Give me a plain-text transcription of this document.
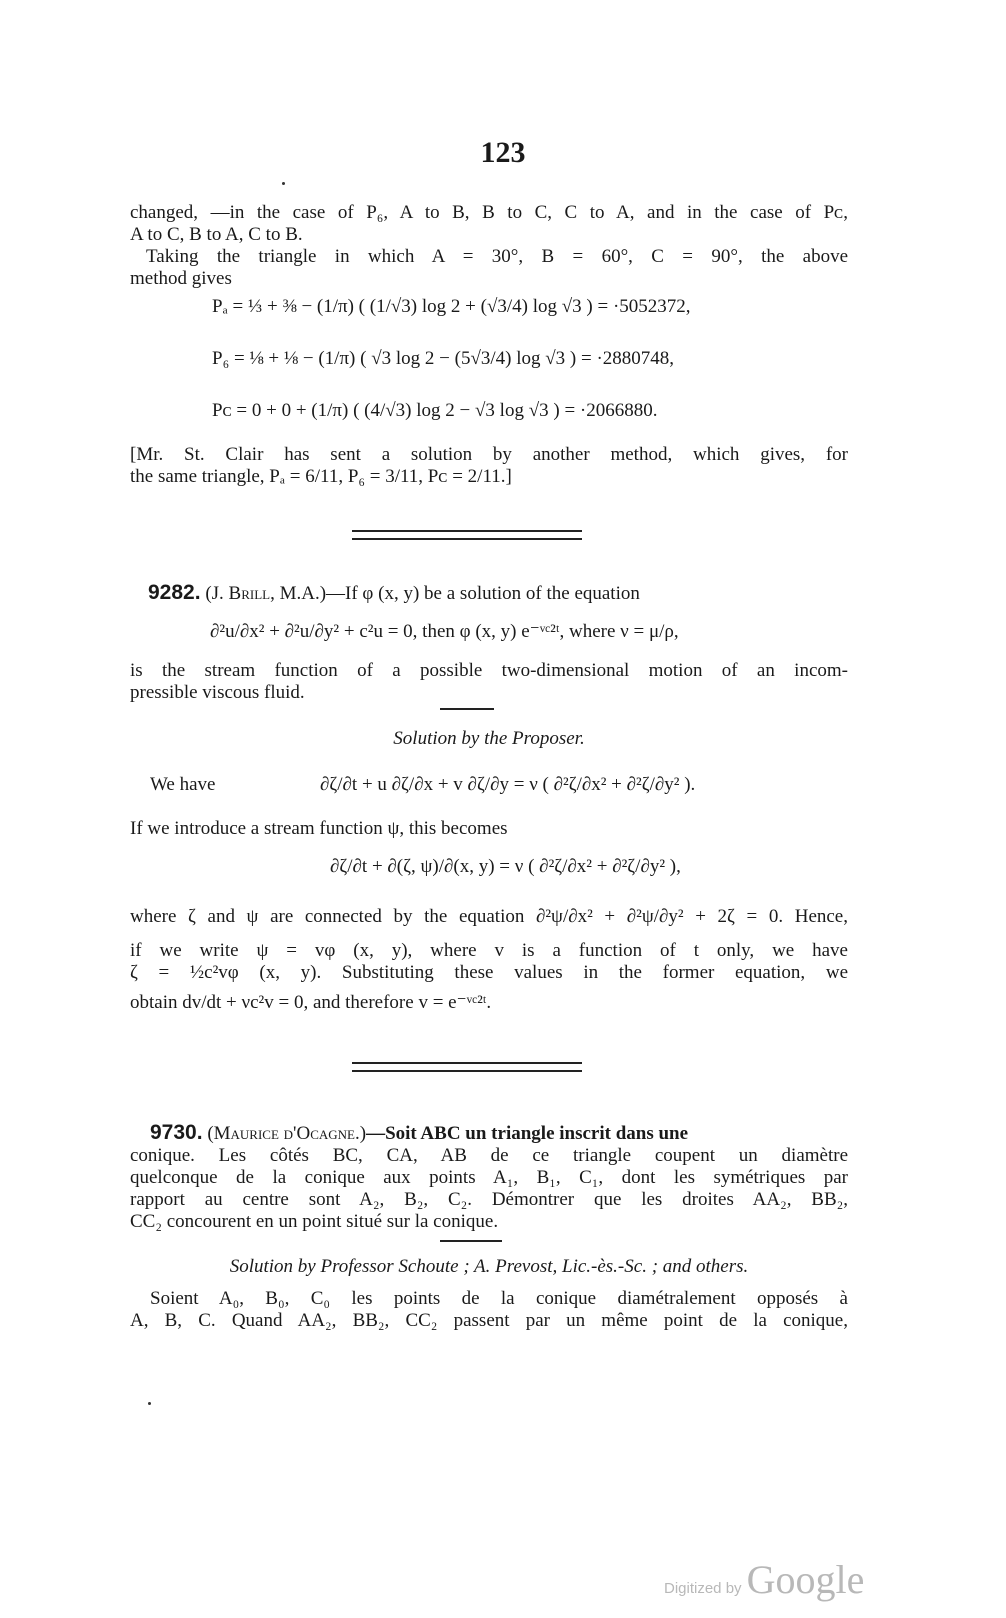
123
changed, —in the case of P₆, A to B, B to C, C to A, and in the case of Pᴄ,
A to C, B to A, C to B.
Taking the triangle in which A = 30°, B = 60°, C = 90°, the above
method gives
Pₐ = ⅓ + ⅜ − (1/π) ( (1/√3) log 2 + (√3/4) log √3 ) = ·5052372,
P₆ = ⅛ + ⅛ − (1/π) ( √3 log 2 − (5√3/4) log √3 ) = ·2880748,
Pᴄ = 0 + 0 + (1/π) ( (4/√3) log 2 − √3 log √3 ) = ·2066880.
[Mr. St. Clair has sent a solution by another method, which gives, for
the same triangle, Pₐ = 6/11, P₆ = 3/11, Pᴄ = 2/11.]
9282. (J. Brill, M.A.)—If φ (x, y) be a solution of the equation
∂²u/∂x² + ∂²u/∂y² + c²u = 0, then φ (x, y) e⁻ᵛᶜ²ᵗ, where ν = μ/ρ,
is the stream function of a possible two-dimensional motion of an incom-
pressible viscous fluid.
Solution by the Proposer.
We have	∂ζ/∂t + u ∂ζ/∂x + v ∂ζ/∂y = ν ( ∂²ζ/∂x² + ∂²ζ/∂y² ).
If we introduce a stream function ψ, this becomes
∂ζ/∂t + ∂(ζ, ψ)/∂(x, y) = ν ( ∂²ζ/∂x² + ∂²ζ/∂y² ),
where ζ and ψ are connected by the equation ∂²ψ/∂x² + ∂²ψ/∂y² + 2ζ = 0. Hence,
if we write ψ = vφ (x, y), where v is a function of t only, we have
ζ = ½c²vφ (x, y). Substituting these values in the former equation, we
obtain dv/dt + νc²v = 0, and therefore v = e⁻ᵛᶜ²ᵗ.
9730. (Maurice d'Ocagne.)—Soit ABC un triangle inscrit dans une
conique. Les côtés BC, CA, AB de ce triangle coupent un diamètre
quelconque de la conique aux points A₁, B₁, C₁, dont les symétriques par
rapport au centre sont A₂, B₂, C₂. Démontrer que les droites AA₂, BB₂,
CC₂ concourent en un point situé sur la conique.
Solution by Professor Schoute ; A. Prevost, Lic.-ès.-Sc. ; and others.
Soient A₀, B₀, C₀ les points de la conique diamétralement opposés à
A, B, C. Quand AA₂, BB₂, CC₂ passent par un même point de la conique,
Digitized by Google
